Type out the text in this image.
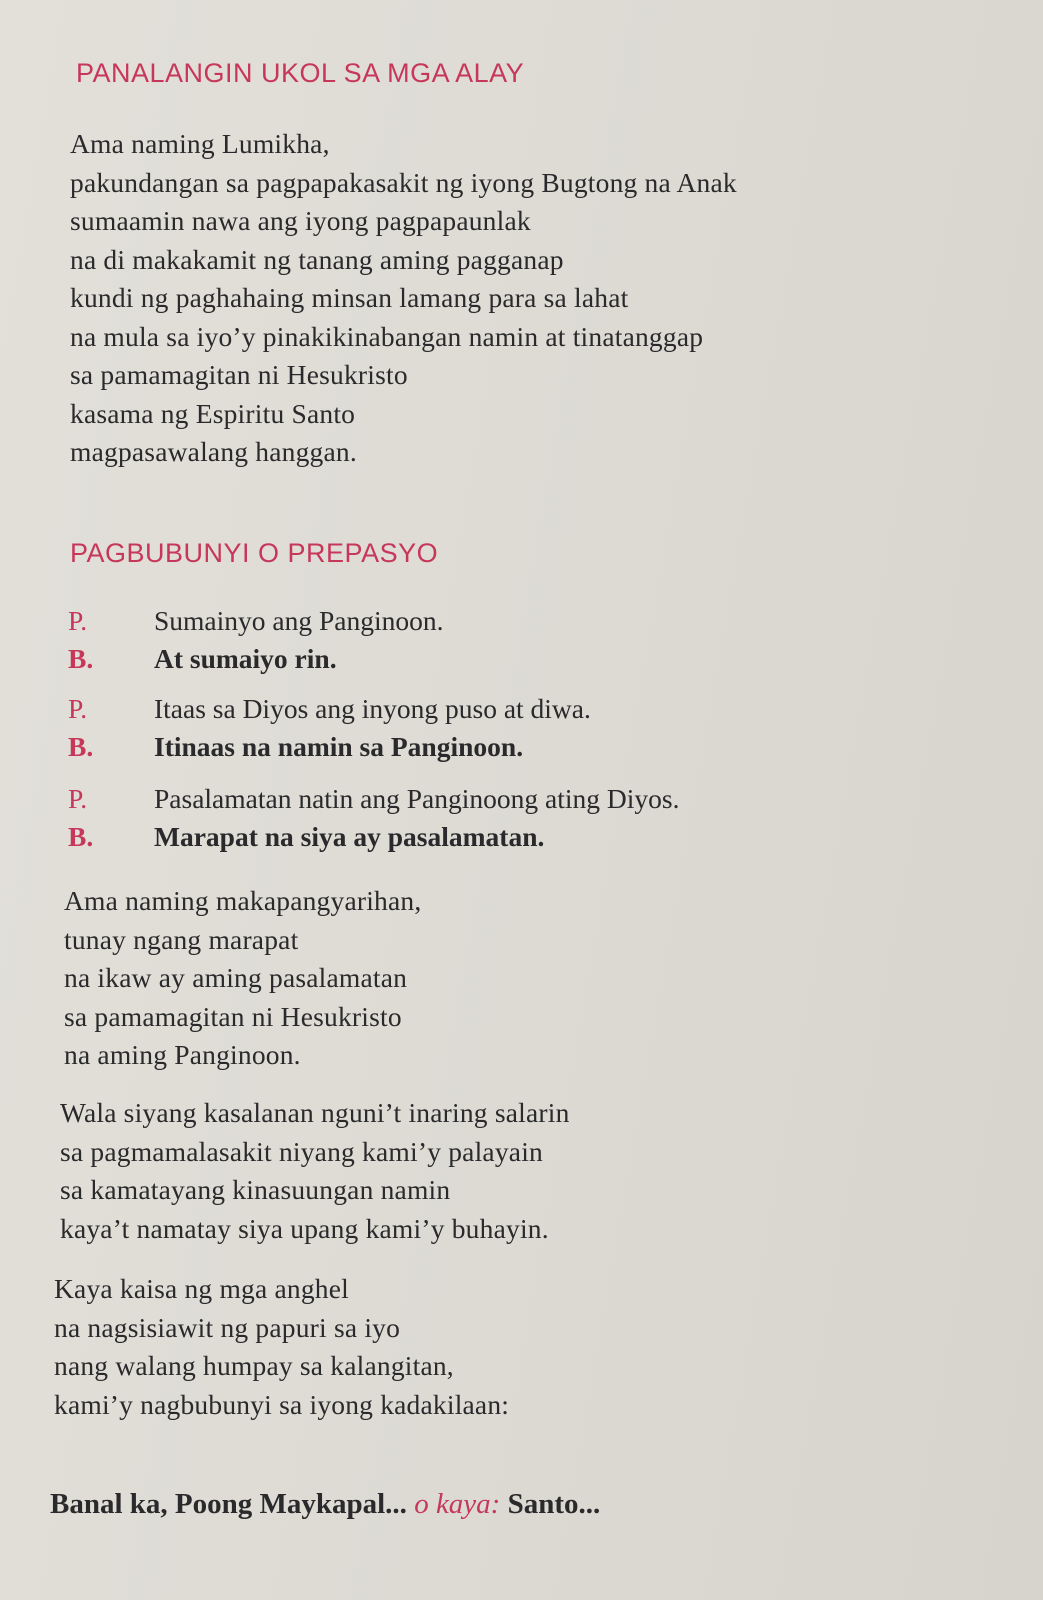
PANALANGIN UKOL SA MGA ALAY
Ama naming Lumikha,
pakundangan sa pagpapakasakit ng iyong Bugtong na Anak
sumaamin nawa ang iyong pagpapaunlak
na di makakamit ng tanang aming pagganap
kundi ng paghahaing minsan lamang para sa lahat
na mula sa iyo’y pinakikinabangan namin at tinatanggap
sa pamamagitan ni Hesukristo
kasama ng Espiritu Santo
magpasawalang hanggan.
PAGBUBUNYI O PREPASYO
P. Sumainyo ang Panginoon.
B. At sumaiyo rin.
P. Itaas sa Diyos ang inyong puso at diwa.
B. Itinaas na namin sa Panginoon.
P. Pasalamatan natin ang Panginoong ating Diyos.
B. Marapat na siya ay pasalamatan.
Ama naming makapangyarihan,
tunay ngang marapat
na ikaw ay aming pasalamatan
sa pamamagitan ni Hesukristo
na aming Panginoon.
Wala siyang kasalanan nguni’t inaring salarin
sa pagmamalasakit niyang kami’y palayain
sa kamatayang kinasuungan namin
kaya’t namatay siya upang kami’y buhayin.
Kaya kaisa ng mga anghel
na nagsisiawit ng papuri sa iyo
nang walang humpay sa kalangitan,
kami’y nagbubunyi sa iyong kadakilaan:
Banal ka, Poong Maykapal... o kaya: Santo...
